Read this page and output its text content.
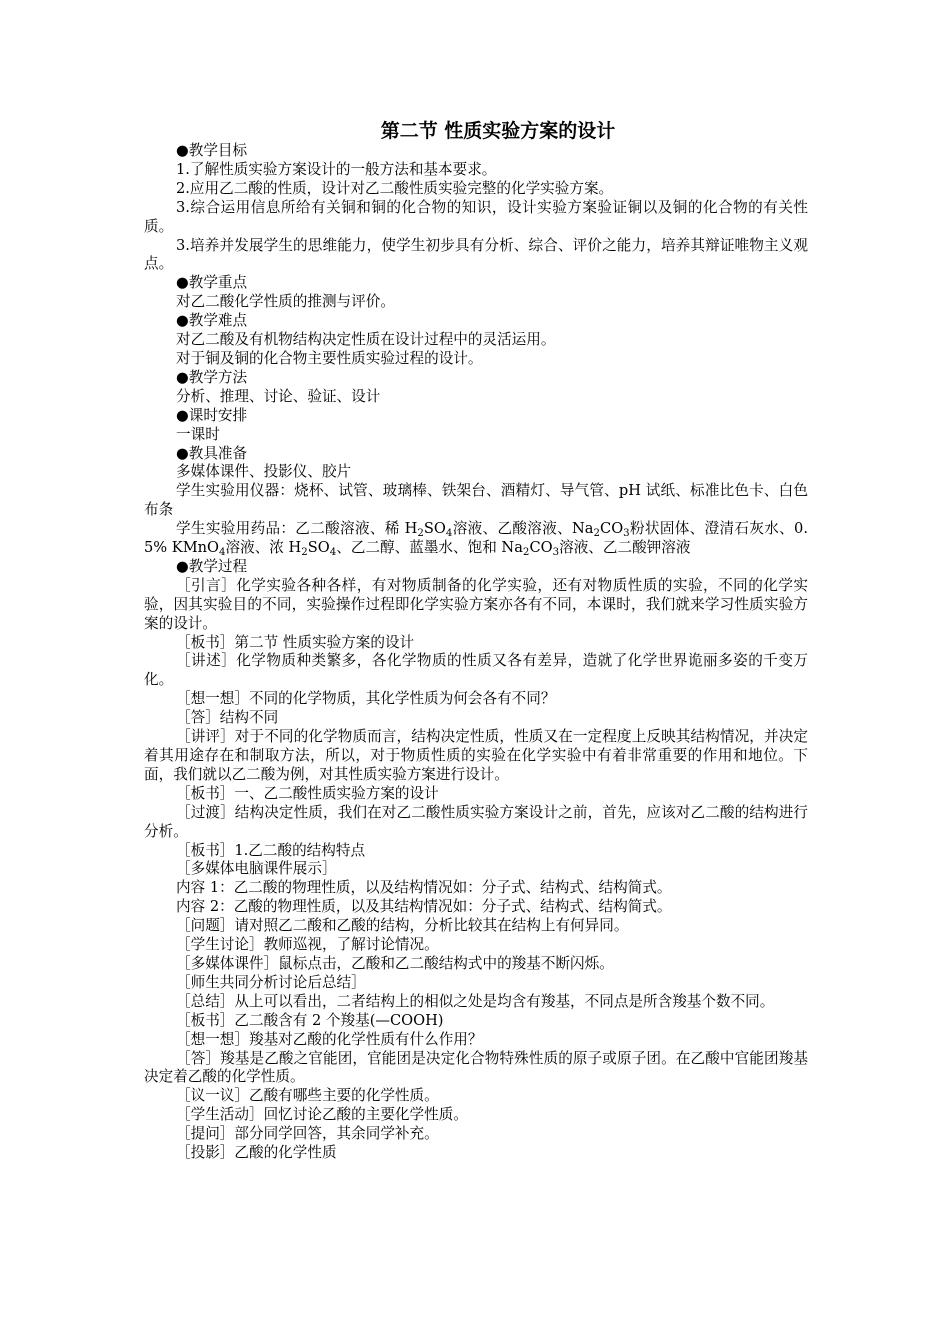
第二节 性质实验方案的设计

●教学目标

1.了解性质实验方案设计的一般方法和基本要求。

2.应用乙二酸的性质，设计对乙二酸性质实验完整的化学实验方案。

3.综合运用信息所给有关铜和铜的化合物的知识，设计实验方案验证铜以及铜的化合物的有关性质。

3.培养并发展学生的思维能力，使学生初步具有分析、综合、评价之能力，培养其辩证唯物主义观点。

●教学重点

对乙二酸化学性质的推测与评价。

●教学难点

对乙二酸及有机物结构决定性质在设计过程中的灵活运用。

对于铜及铜的化合物主要性质实验过程的设计。

●教学方法

分析、推理、讨论、验证、设计

●课时安排

一课时

●教具准备

多媒体课件、投影仪、胶片

学生实验用仪器：烧杯、试管、玻璃棒、铁架台、酒精灯、导气管、pH 试纸、标准比色卡、白色布条

学生实验用药品：乙二酸溶液、稀 $H_2SO_4$溶液、乙酸溶液、$Na_2CO_3$粉状固体、澄清石灰水、0.5% KMnO$_4$溶液、浓 $H_2SO_4$、乙二醇、蓝墨水、饱和 $Na_2CO_3$溶液、乙二酸钾溶液

●教学过程

［引言］化学实验各种各样，有对物质制备的化学实验，还有对物质性质的实验，不同的化学实验，因其实验目的不同，实验操作过程即化学实验方案亦各有不同，本课时，我们就来学习性质实验方案的设计。

［板书］第二节 性质实验方案的设计

［讲述］化学物质种类繁多，各化学物质的性质又各有差异，造就了化学世界诡丽多姿的千变万化。

［想一想］不同的化学物质，其化学性质为何会各有不同？

［答］结构不同

［讲评］对于不同的化学物质而言，结构决定性质，性质又在一定程度上反映其结构情况，并决定着其用途存在和制取方法，所以，对于物质性质的实验在化学实验中有着非常重要的作用和地位。下面，我们就以乙二酸为例，对其性质实验方案进行设计。

［板书］一、乙二酸性质实验方案的设计

［过渡］结构决定性质，我们在对乙二酸性质实验方案设计之前，首先，应该对乙二酸的结构进行分析。

［板书］1.乙二酸的结构特点

［多媒体电脑课件展示］

内容 1：乙二酸的物理性质，以及结构情况如：分子式、结构式、结构简式。

内容 2：乙酸的物理性质，以及其结构情况如：分子式、结构式、结构简式。

［问题］请对照乙二酸和乙酸的结构，分析比较其在结构上有何异同。

［学生讨论］教师巡视，了解讨论情况。

［多媒体课件］鼠标点击，乙酸和乙二酸结构式中的羧基不断闪烁。

［师生共同分析讨论后总结］

［总结］从上可以看出，二者结构上的相似之处是均含有羧基，不同点是所含羧基个数不同。

［板书］乙二酸含有 2 个羧基(—COOH)

［想一想］羧基对乙酸的化学性质有什么作用？

［答］羧基是乙酸之官能团，官能团是决定化合物特殊性质的原子或原子团。在乙酸中官能团羧基决定着乙酸的化学性质。

［议一议］乙酸有哪些主要的化学性质。

［学生活动］回忆讨论乙酸的主要化学性质。

［提问］部分同学回答，其余同学补充。

［投影］乙酸的化学性质
